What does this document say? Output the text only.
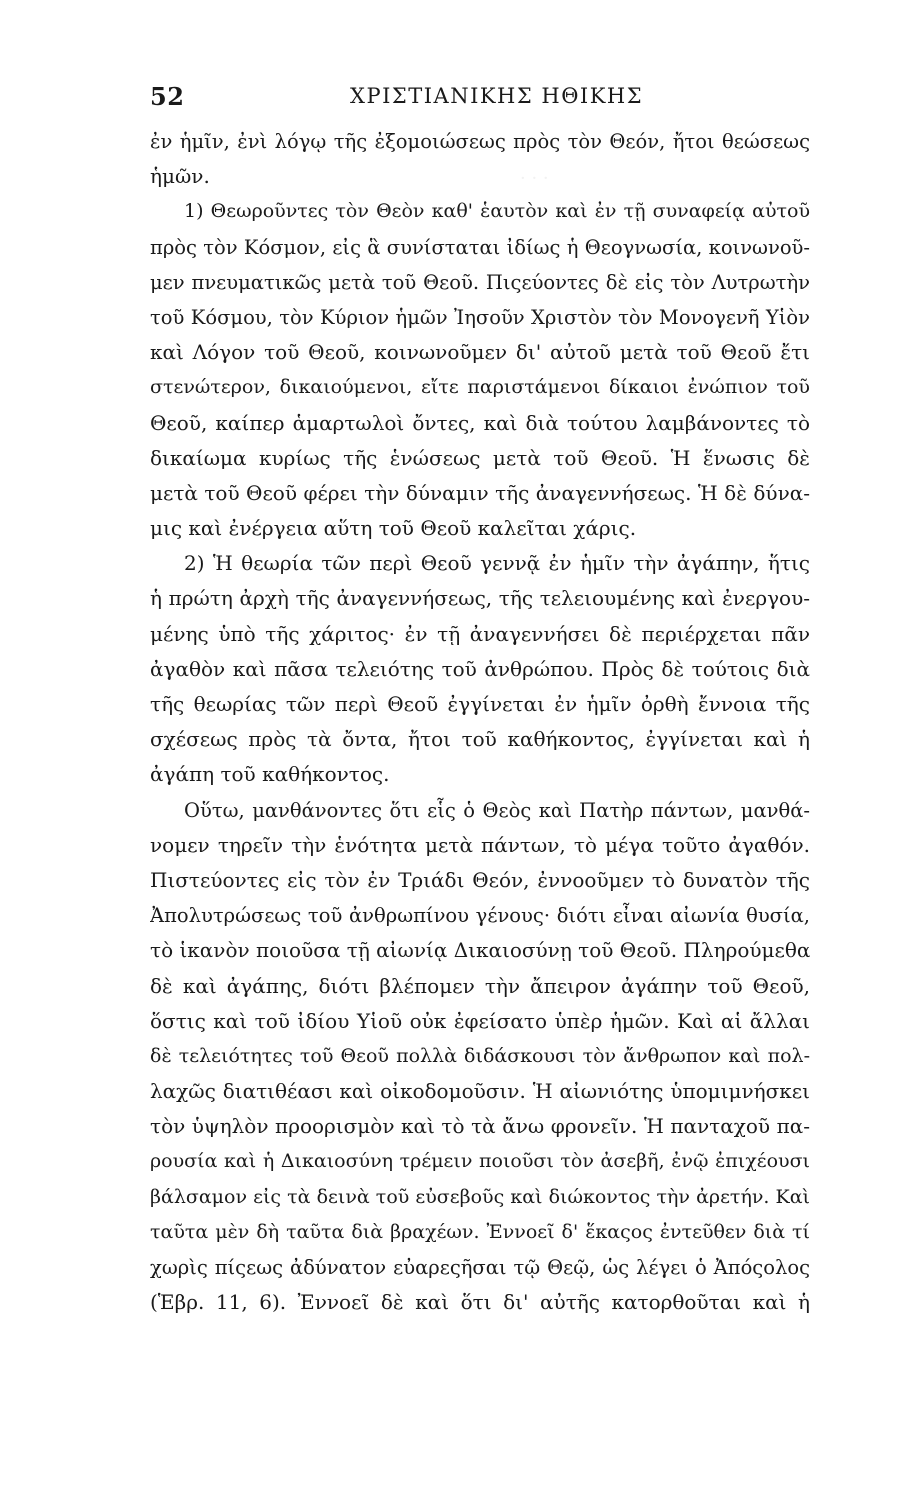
· · ·
52	ΧΡΙΣΤΙΑΝΙΚΗΣ ΗΘΙΚΗΣ
ἐν ἡμῖν, ἐνὶ λόγῳ τῆς ἐξομοιώσεως πρὸς τὸν Θεόν, ἤτοι θεώσεως
ἡμῶν.
1) Θεωροῦντες τὸν Θεὸν καθ' ἑαυτὸν καὶ ἐν τῇ συναφείᾳ αὐτοῦ
πρὸς τὸν Κόσμον, εἰς ἃ συνίσταται ἰδίως ἡ Θεογνωσία, κοινωνοῦ-
μεν πνευματικῶς μετὰ τοῦ Θεοῦ. Πιςεύοντες δὲ εἰς τὸν Λυτρωτὴν
τοῦ Κόσμου, τὸν Κύριον ἡμῶν Ἰησοῦν Χριστὸν τὸν Μονογενῆ Υἱὸν
καὶ Λόγον τοῦ Θεοῦ, κοινωνοῦμεν δι' αὐτοῦ μετὰ τοῦ Θεοῦ ἔτι
στενώτερον, δικαιούμενοι, εἴτε παριστάμενοι δίκαιοι ἐνώπιον τοῦ
Θεοῦ, καίπερ ἁμαρτωλοὶ ὄντες, καὶ διὰ τούτου λαμβάνοντες τὸ
δικαίωμα κυρίως τῆς ἑνώσεως μετὰ τοῦ Θεοῦ. Ἡ ἕνωσις δὲ
μετὰ τοῦ Θεοῦ φέρει τὴν δύναμιν τῆς ἀναγεννήσεως. Ἡ δὲ δύνα-
μις καὶ ἐνέργεια αὕτη τοῦ Θεοῦ καλεῖται χάρις.
2) Ἡ θεωρία τῶν περὶ Θεοῦ γεννᾷ ἐν ἡμῖν τὴν ἀγάπην, ἥτις
ἡ πρώτη ἀρχὴ τῆς ἀναγεννήσεως, τῆς τελειουμένης καὶ ἐνεργου-
μένης ὑπὸ τῆς χάριτος· ἐν τῇ ἀναγεννήσει δὲ περιέρχεται πᾶν
ἀγαθὸν καὶ πᾶσα τελειότης τοῦ ἀνθρώπου. Πρὸς δὲ τούτοις διὰ
τῆς θεωρίας τῶν περὶ Θεοῦ ἐγγίνεται ἐν ἡμῖν ὀρθὴ ἔννοια τῆς
σχέσεως πρὸς τὰ ὄντα, ἤτοι τοῦ καθήκοντος, ἐγγίνεται καὶ ἡ
ἀγάπη τοῦ καθήκοντος.
Οὕτω, μανθάνοντες ὅτι εἷς ὁ Θεὸς καὶ Πατὴρ πάντων, μανθά-
νομεν τηρεῖν τὴν ἑνότητα μετὰ πάντων, τὸ μέγα τοῦτο ἀγαθόν.
Πιστεύοντες εἰς τὸν ἐν Τριάδι Θεόν, ἐννοοῦμεν τὸ δυνατὸν τῆς
Ἀπολυτρώσεως τοῦ ἀνθρωπίνου γένους· διότι εἶναι αἰωνία θυσία,
τὸ ἱκανὸν ποιοῦσα τῇ αἰωνίᾳ Δικαιοσύνῃ τοῦ Θεοῦ. Πληρούμεθα
δὲ καὶ ἀγάπης, διότι βλέπομεν τὴν ἄπειρον ἀγάπην τοῦ Θεοῦ,
ὅστις καὶ τοῦ ἰδίου Υἱοῦ οὐκ ἐφείσατο ὑπὲρ ἡμῶν. Καὶ αἱ ἄλλαι
δὲ τελειότητες τοῦ Θεοῦ πολλὰ διδάσκουσι τὸν ἄνθρωπον καὶ πολ-
λαχῶς διατιθέασι καὶ οἰκοδομοῦσιν. Ἡ αἰωνιότης ὑπομιμνήσκει
τὸν ὑψηλὸν προορισμὸν καὶ τὸ τὰ ἄνω φρονεῖν. Ἡ πανταχοῦ πα-
ρουσία καὶ ἡ Δικαιοσύνη τρέμειν ποιοῦσι τὸν ἀσεβῆ, ἐνῷ ἐπιχέουσι
βάλσαμον εἰς τὰ δεινὰ τοῦ εὐσεβοῦς καὶ διώκοντος τὴν ἀρετήν. Καὶ
ταῦτα μὲν δὴ ταῦτα διὰ βραχέων. Ἐννοεῖ δ' ἕκαςος ἐντεῦθεν διὰ τί
χωρὶς πίςεως ἀδύνατον εὐαρεςῆσαι τῷ Θεῷ, ὡς λέγει ὁ Ἀπόςολος
(Ἑβρ. 11, 6). Ἐννοεῖ δὲ καὶ ὅτι δι' αὐτῆς κατορθοῦται καὶ ἡ
